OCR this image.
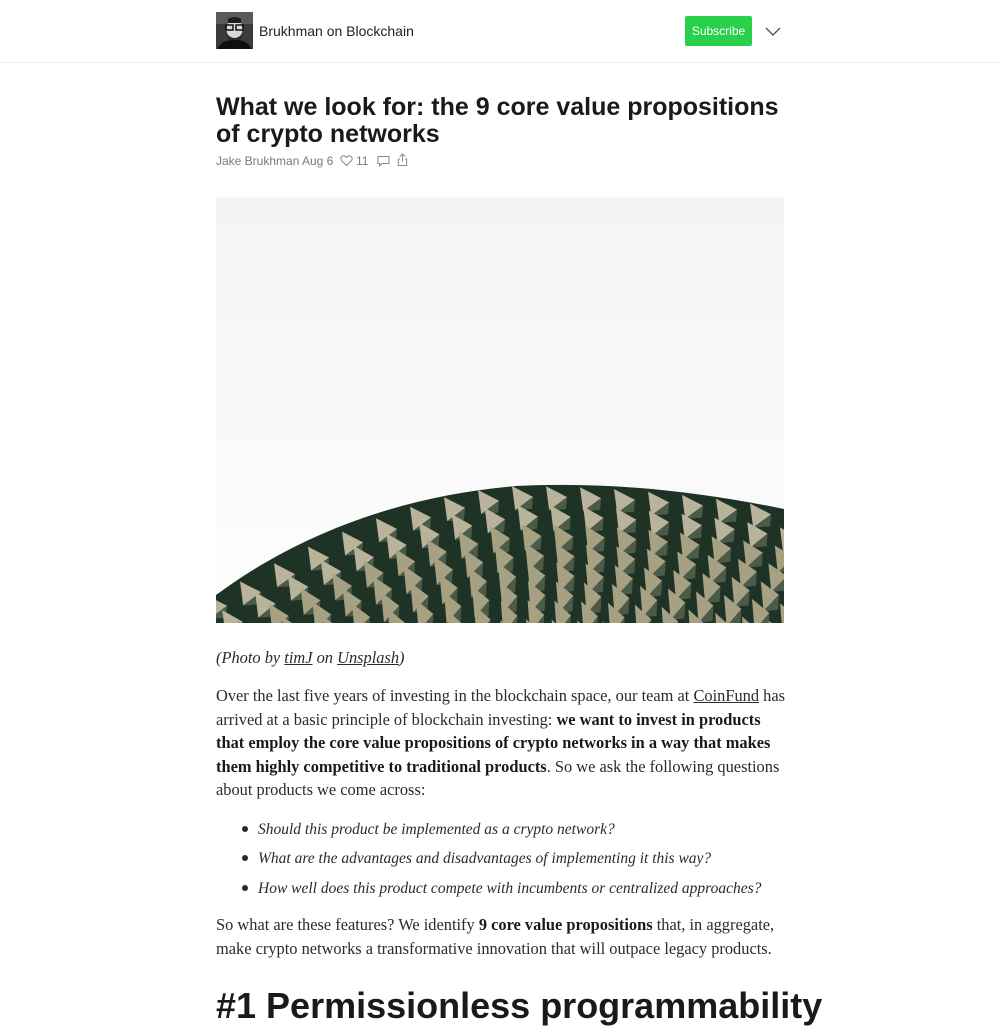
Brukhman on Blockchain	Subscribe
What we look for: the 9 core value propositions of crypto networks
Jake Brukhman Aug 6 11

(Photo by timJ on Unsplash)

Over the last five years of investing in the blockchain space, our team at CoinFund has arrived at a basic principle of blockchain investing: we want to invest in products that employ the core value propositions of crypto networks in a way that makes them highly competitive to traditional products. So we ask the following questions about products we come across:

Should this product be implemented as a crypto network?
What are the advantages and disadvantages of implementing it this way?
How well does this product compete with incumbents or centralized approaches?

So what are these features? We identify 9 core value propositions that, in aggregate, make crypto networks a transformative innovation that will outpace legacy products.

#1 Permissionless programmability
